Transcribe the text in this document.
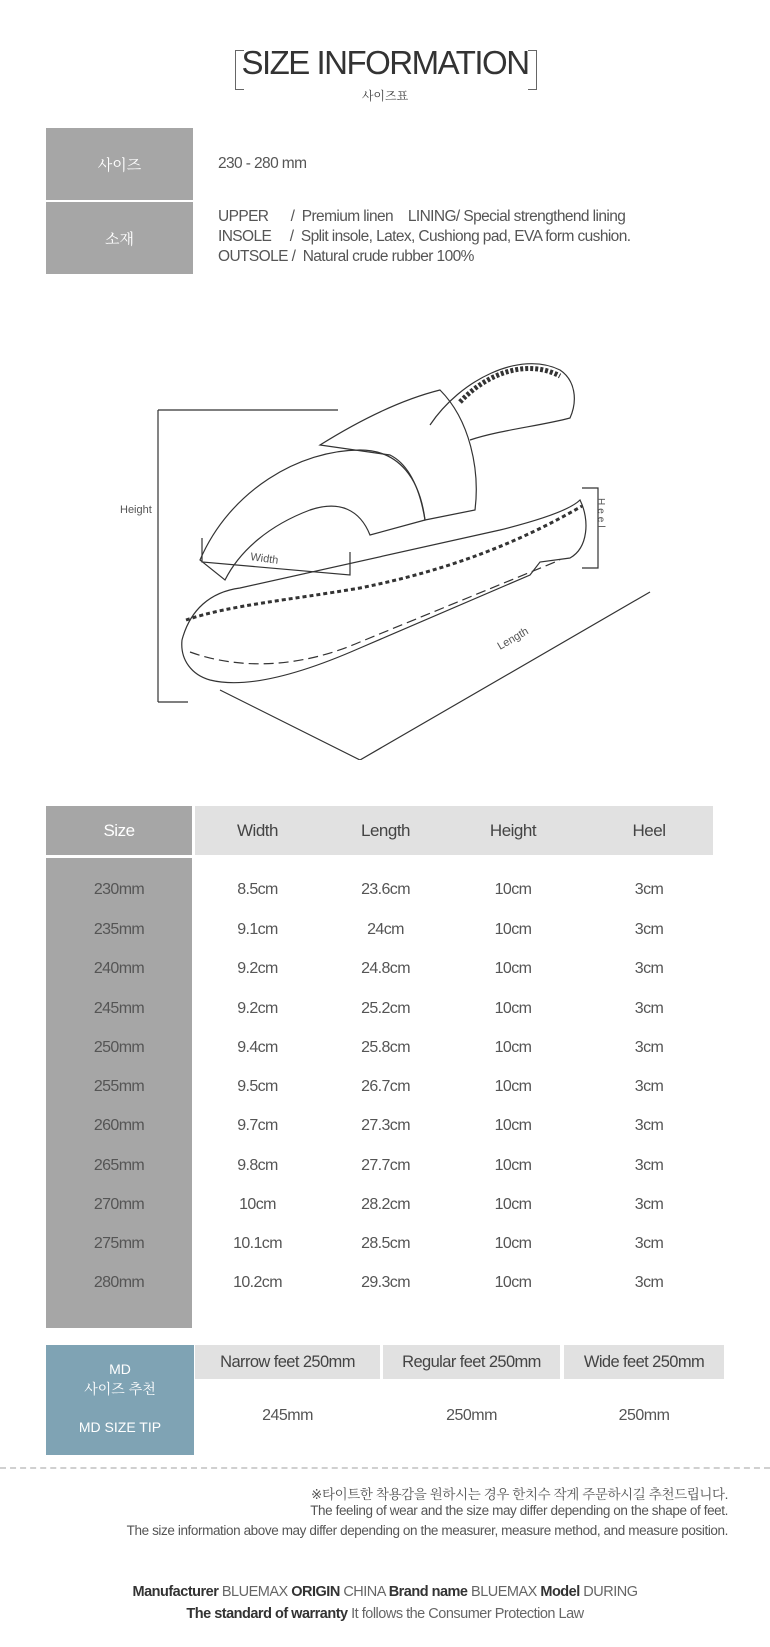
SIZE INFORMATION
사이즈표
사이즈	230 - 280 mm
소재
UPPER      /  Premium linen    LINING/ Special strengthend lining
INSOLE     /  Split insole, Latex, Cushiong pad, EVA form cushion.
OUTSOLE /  Natural crude rubber 100%
Height
Width
Length
Heel
Size	Width	Length	Height	Heel
230mm	8.5cm	23.6cm	10cm	3cm
235mm	9.1cm	24cm	10cm	3cm
240mm	9.2cm	24.8cm	10cm	3cm
245mm	9.2cm	25.2cm	10cm	3cm
250mm	9.4cm	25.8cm	10cm	3cm
255mm	9.5cm	26.7cm	10cm	3cm
260mm	9.7cm	27.3cm	10cm	3cm
265mm	9.8cm	27.7cm	10cm	3cm
270mm	10cm	28.2cm	10cm	3cm
275mm	10.1cm	28.5cm	10cm	3cm
280mm	10.2cm	29.3cm	10cm	3cm
MD
사이즈 추천
MD SIZE TIP
Narrow feet 250mm	Regular feet 250mm	Wide feet 250mm
245mm	250mm	250mm
※타이트한 착용감을 원하시는 경우 한치수 작게 주문하시길 추천드립니다.
The feeling of wear and the size may differ depending on the shape of feet.
The size information above may differ depending on the measurer, measure method, and measure position.
Manufacturer BLUEMAX ORIGIN CHINA Brand name BLUEMAX Model DURING
The standard of warranty It follows the Consumer Protection Law
